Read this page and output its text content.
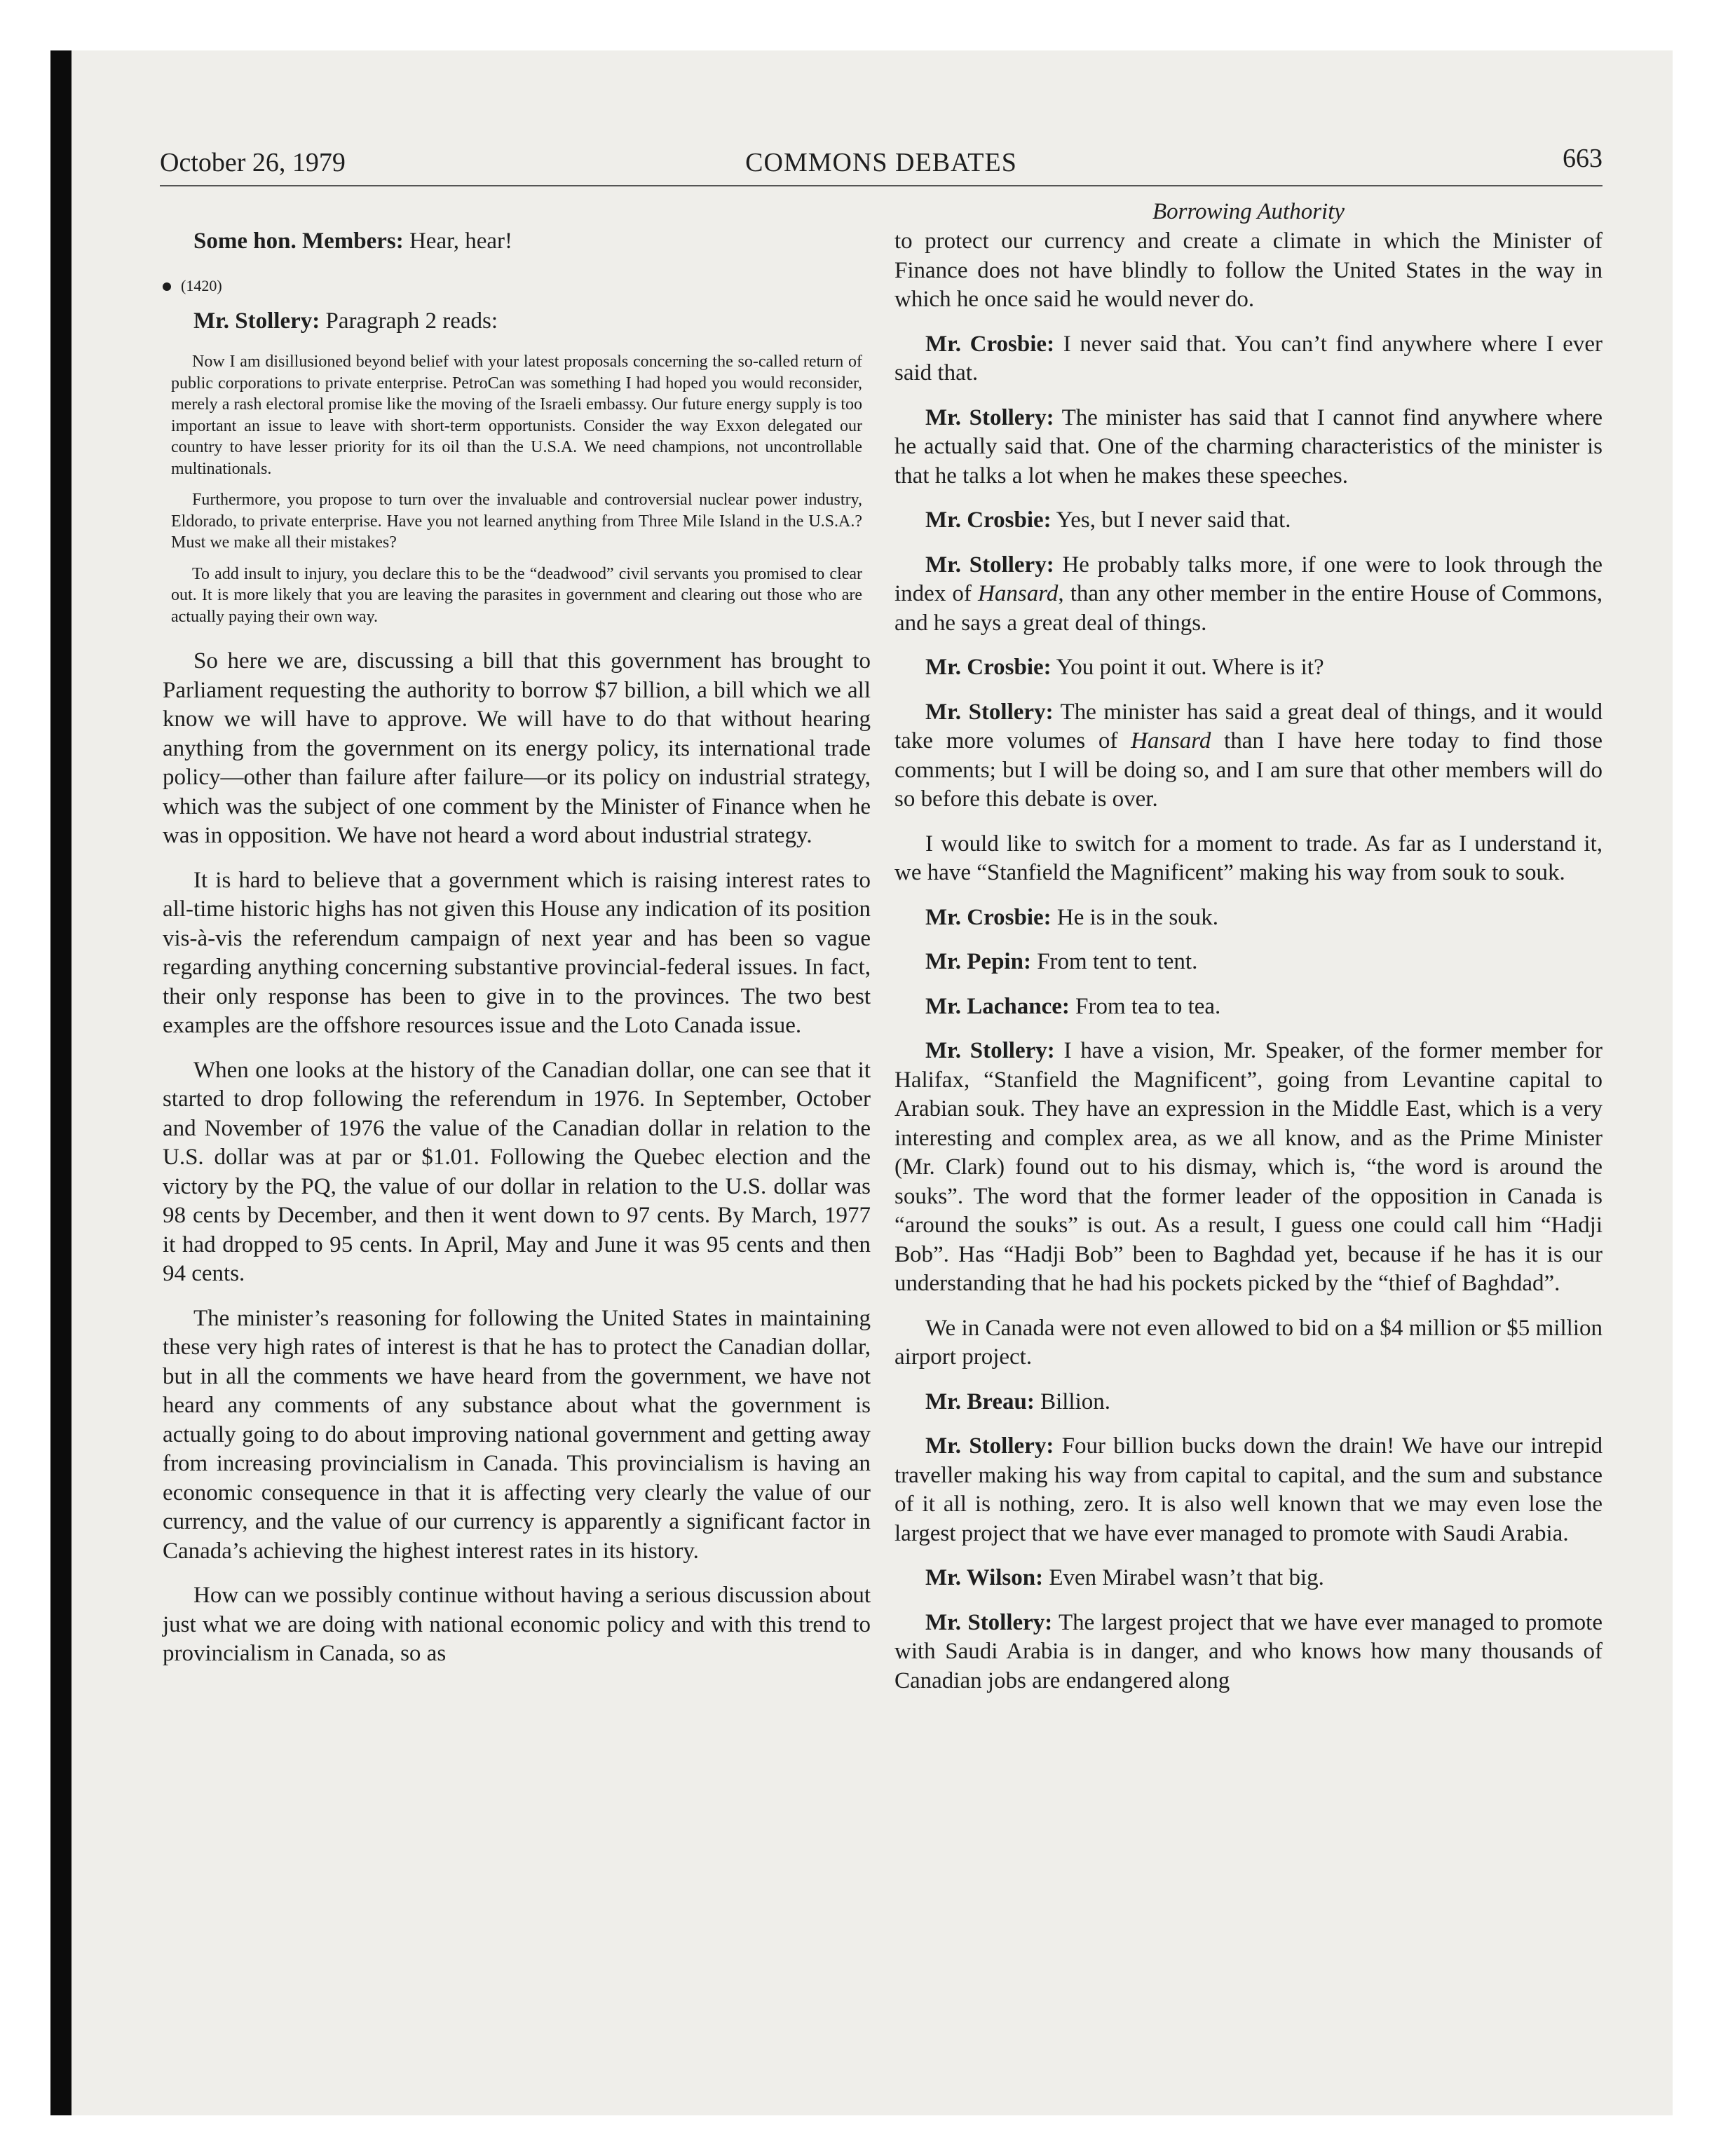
October 26, 1979	COMMONS DEBATES	663

Some hon. Members: Hear, hear!

(1420)

Mr. Stollery: Paragraph 2 reads:

Now I am disillusioned beyond belief with your latest proposals concerning the so-called return of public corporations to private enterprise. PetroCan was something I had hoped you would reconsider, merely a rash electoral promise like the moving of the Israeli embassy. Our future energy supply is too important an issue to leave with short-term opportunists. Consider the way Exxon delegated our country to have lesser priority for its oil than the U.S.A. We need champions, not uncontrollable multinationals.

Furthermore, you propose to turn over the invaluable and controversial nuclear power industry, Eldorado, to private enterprise. Have you not learned anything from Three Mile Island in the U.S.A.? Must we make all their mistakes?

To add insult to injury, you declare this to be the “deadwood” civil servants you promised to clear out. It is more likely that you are leaving the parasites in government and clearing out those who are actually paying their own way.

So here we are, discussing a bill that this government has brought to Parliament requesting the authority to borrow $7 billion, a bill which we all know we will have to approve. We will have to do that without hearing anything from the government on its energy policy, its international trade policy—other than failure after failure—or its policy on industrial strategy, which was the subject of one comment by the Minister of Finance when he was in opposition. We have not heard a word about industrial strategy.

It is hard to believe that a government which is raising interest rates to all-time historic highs has not given this House any indication of its position vis-à-vis the referendum campaign of next year and has been so vague regarding anything concerning substantive provincial-federal issues. In fact, their only response has been to give in to the provinces. The two best examples are the offshore resources issue and the Loto Canada issue.

When one looks at the history of the Canadian dollar, one can see that it started to drop following the referendum in 1976. In September, October and November of 1976 the value of the Canadian dollar in relation to the U.S. dollar was at par or $1.01. Following the Quebec election and the victory by the PQ, the value of our dollar in relation to the U.S. dollar was 98 cents by December, and then it went down to 97 cents. By March, 1977 it had dropped to 95 cents. In April, May and June it was 95 cents and then 94 cents.

The minister’s reasoning for following the United States in maintaining these very high rates of interest is that he has to protect the Canadian dollar, but in all the comments we have heard from the government, we have not heard any comments of any substance about what the government is actually going to do about improving national government and getting away from increasing provincialism in Canada. This provincialism is having an economic consequence in that it is affecting very clearly the value of our currency, and the value of our currency is apparently a significant factor in Canada’s achieving the highest interest rates in its history.

How can we possibly continue without having a serious discussion about just what we are doing with national economic policy and with this trend to provincialism in Canada, so as

Borrowing Authority

to protect our currency and create a climate in which the Minister of Finance does not have blindly to follow the United States in the way in which he once said he would never do.

Mr. Crosbie: I never said that. You can’t find anywhere where I ever said that.

Mr. Stollery: The minister has said that I cannot find anywhere where he actually said that. One of the charming characteristics of the minister is that he talks a lot when he makes these speeches.

Mr. Crosbie: Yes, but I never said that.

Mr. Stollery: He probably talks more, if one were to look through the index of Hansard, than any other member in the entire House of Commons, and he says a great deal of things.

Mr. Crosbie: You point it out. Where is it?

Mr. Stollery: The minister has said a great deal of things, and it would take more volumes of Hansard than I have here today to find those comments; but I will be doing so, and I am sure that other members will do so before this debate is over.

I would like to switch for a moment to trade. As far as I understand it, we have “Stanfield the Magnificent” making his way from souk to souk.

Mr. Crosbie: He is in the souk.

Mr. Pepin: From tent to tent.

Mr. Lachance: From tea to tea.

Mr. Stollery: I have a vision, Mr. Speaker, of the former member for Halifax, “Stanfield the Magnificent”, going from Levantine capital to Arabian souk. They have an expression in the Middle East, which is a very interesting and complex area, as we all know, and as the Prime Minister (Mr. Clark) found out to his dismay, which is, “the word is around the souks”. The word that the former leader of the opposition in Canada is “around the souks” is out. As a result, I guess one could call him “Hadji Bob”. Has “Hadji Bob” been to Baghdad yet, because if he has it is our understanding that he had his pockets picked by the “thief of Baghdad”.

We in Canada were not even allowed to bid on a $4 million or $5 million airport project.

Mr. Breau: Billion.

Mr. Stollery: Four billion bucks down the drain! We have our intrepid traveller making his way from capital to capital, and the sum and substance of it all is nothing, zero. It is also well known that we may even lose the largest project that we have ever managed to promote with Saudi Arabia.

Mr. Wilson: Even Mirabel wasn’t that big.

Mr. Stollery: The largest project that we have ever managed to promote with Saudi Arabia is in danger, and who knows how many thousands of Canadian jobs are endangered along
